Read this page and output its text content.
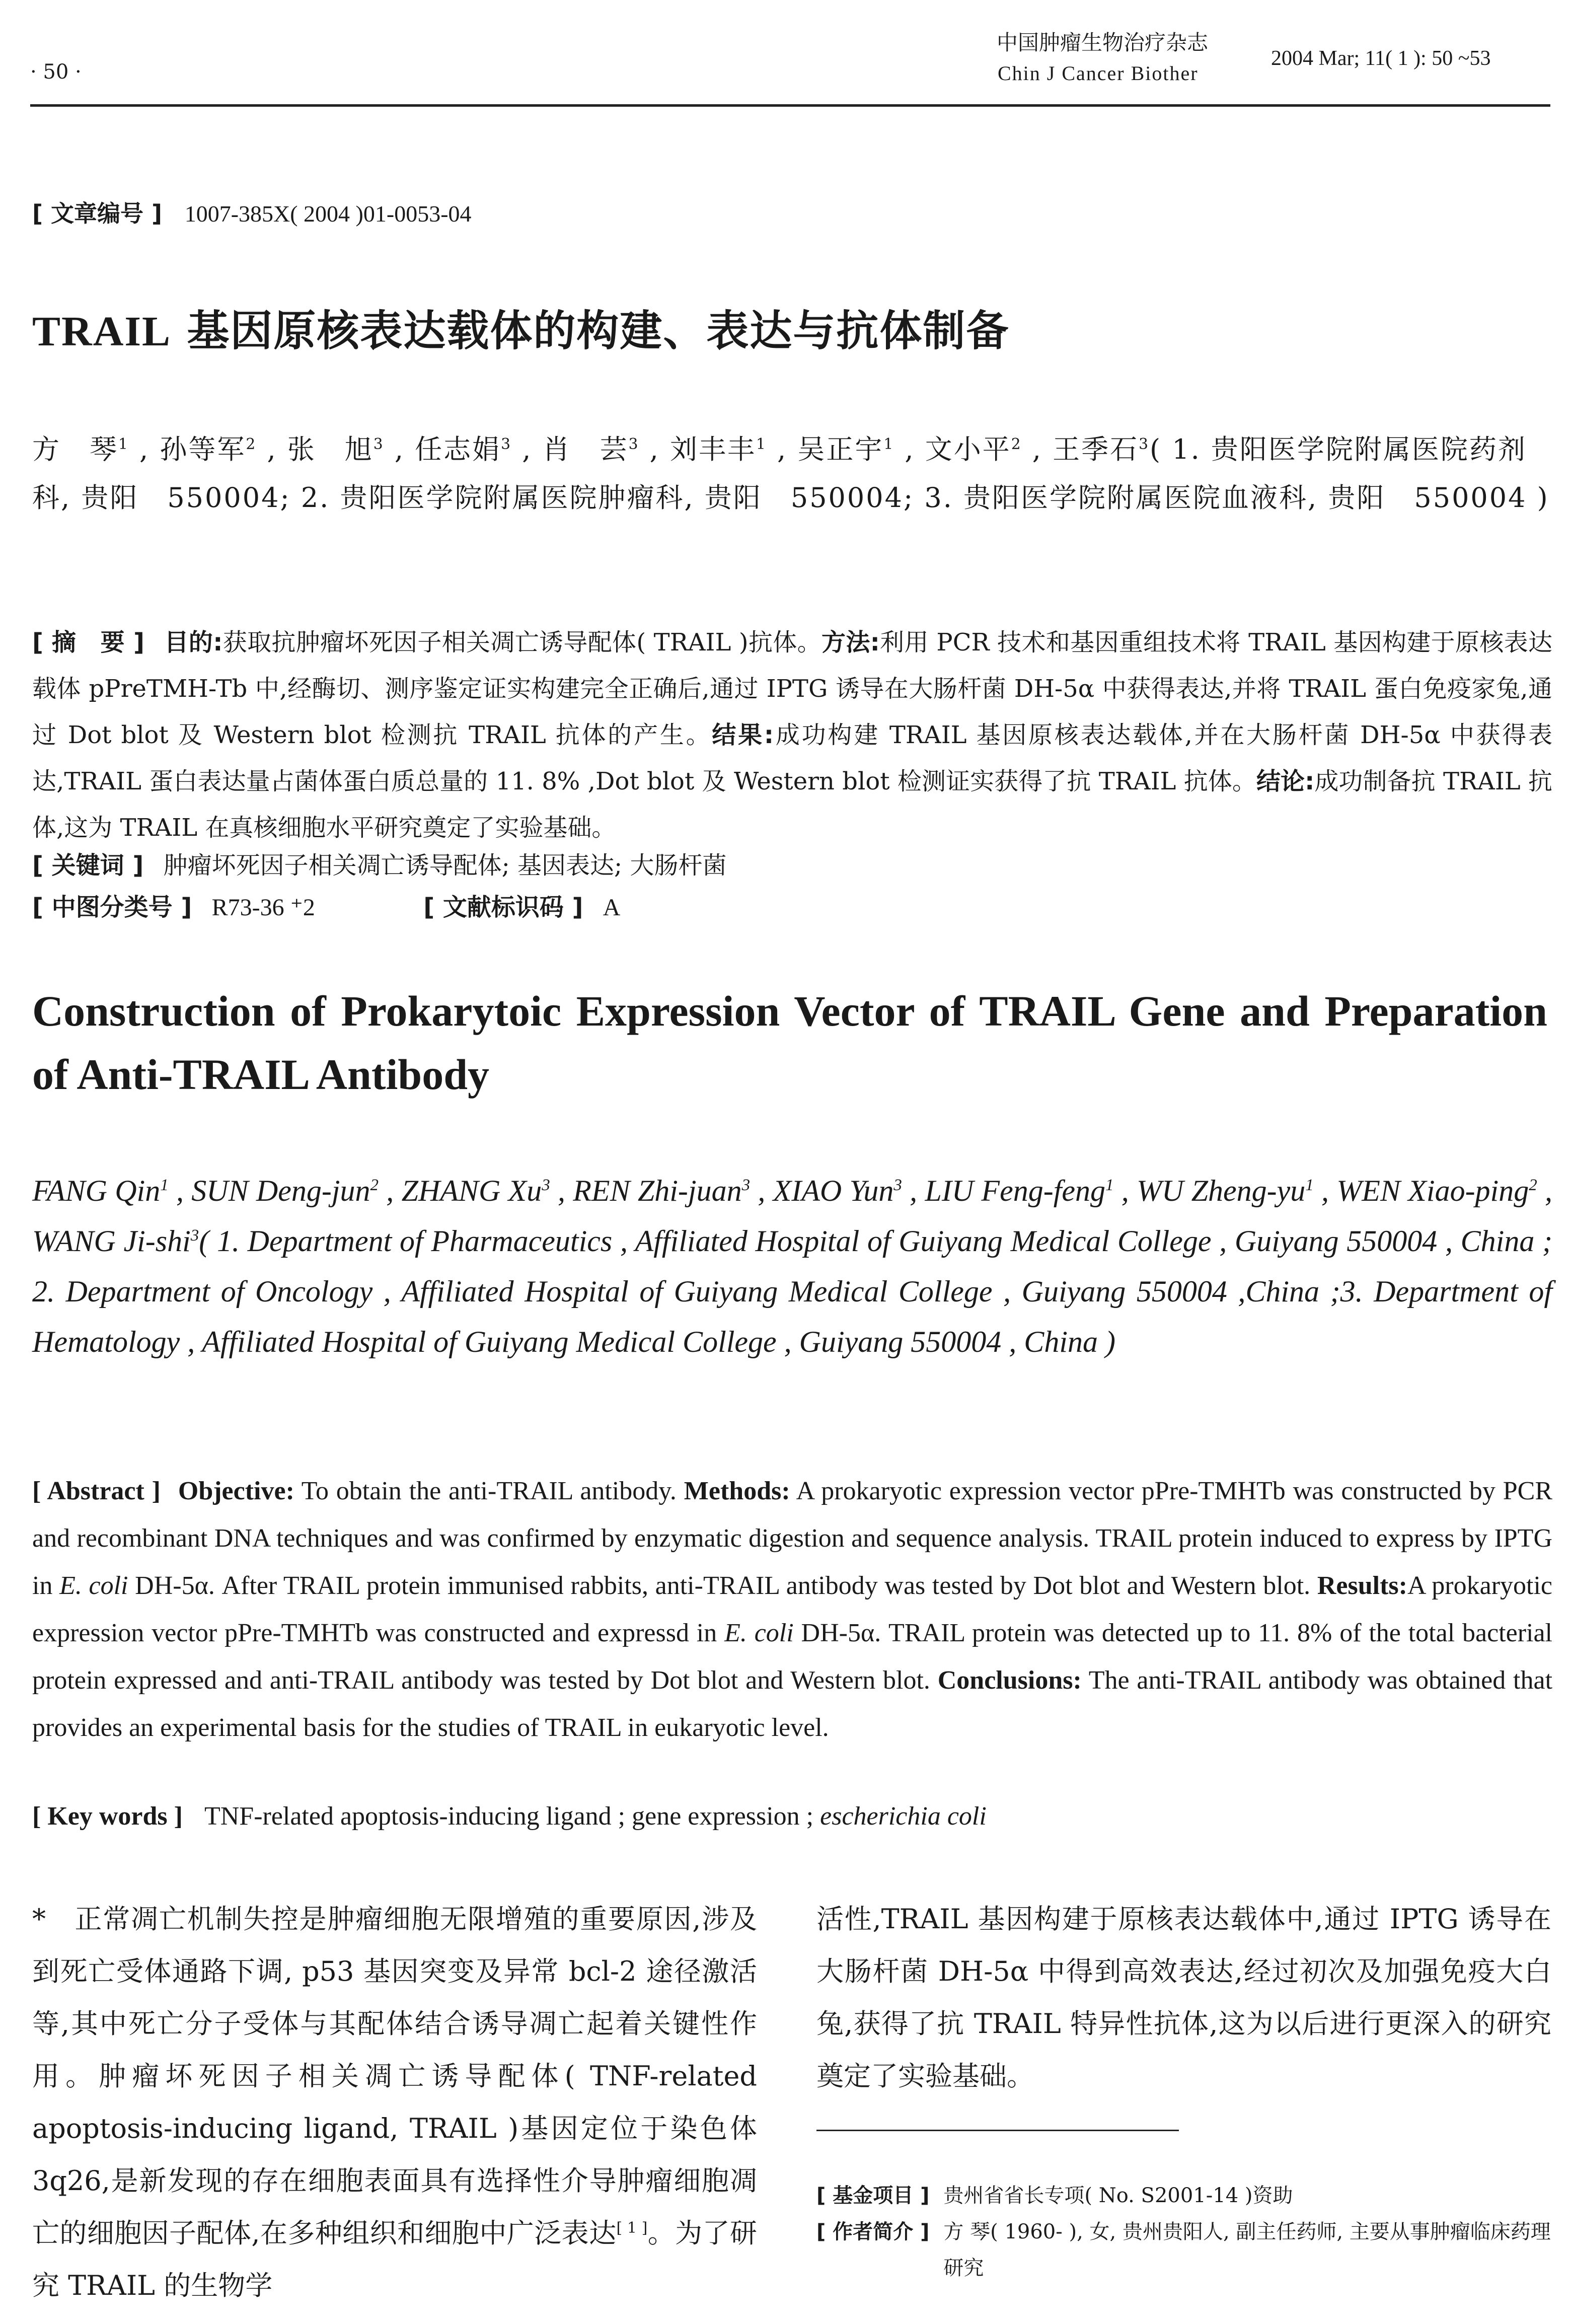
· 50 ·
中国肿瘤生物治疗杂志
Chin J Cancer Biother
2004 Mar; 11( 1 ): 50 ~53
[ 文章编号 ] 1007-385X( 2004 )01-0053-04
TRAIL 基因原核表达载体的构建、表达与抗体制备
方　琴$^1$ , 孙等军$^2$ , 张　旭$^3$ , 任志娟$^3$ , 肖　芸$^3$ , 刘丰丰$^1$ , 吴正宇$^1$ , 文小平$^2$ , 王季石$^3$( 1. 贵阳医学院附属医院药剂科, 贵阳　550004; 2. 贵阳医学院附属医院肿瘤科, 贵阳　550004; 3. 贵阳医学院附属医院血液科, 贵阳　550004 )
[ 摘　要 ] 目的:获取抗肿瘤坏死因子相关凋亡诱导配体( TRAIL )抗体。方法:利用 PCR 技术和基因重组技术将 TRAIL 基因构建于原核表达载体 pPreTMH-Tb 中,经酶切、测序鉴定证实构建完全正确后,通过 IPTG 诱导在大肠杆菌 DH-5α 中获得表达,并将 TRAIL 蛋白免疫家兔,通过 Dot blot 及 Western blot 检测抗 TRAIL 抗体的产生。结果:成功构建 TRAIL 基因原核表达载体,并在大肠杆菌 DH-5α 中获得表达,TRAIL 蛋白表达量占菌体蛋白质总量的 11. 8% ,Dot blot 及 Western blot 检测证实获得了抗 TRAIL 抗体。结论:成功制备抗 TRAIL 抗体,这为 TRAIL 在真核细胞水平研究奠定了实验基础。
[ 关键词 ] 肿瘤坏死因子相关凋亡诱导配体; 基因表达; 大肠杆菌
[ 中图分类号 ] R73-36 ⁺2	[ 文献标识码 ] A
Construction of Prokarytoic Expression Vector of TRAIL Gene and Preparation of Anti-TRAIL Antibody
FANG Qin$^1$ , SUN Deng-jun$^2$ , ZHANG Xu$^3$ , REN Zhi-juan$^3$ , XIAO Yun$^3$ , LIU Feng-feng$^1$ , WU Zheng-$yu^1$ , WEN Xiao-ping$^2$ , WANG Ji-shi$^3$( 1. Department of Pharmaceutics , Affiliated Hospital of Guiyang Medical College , Guiyang 550004 , China ; 2. Department of Oncology , Affiliated Hospital of Guiyang Medical College , Guiyang 550004 ,China ;3. Department of Hematology , Affiliated Hospital of Guiyang Medical College , Guiyang 550004 , China )
[ Abstract ] Objective: To obtain the anti-TRAIL antibody. Methods: A prokaryotic expression vector pPre-TMHTb was constructed by PCR and recombinant DNA techniques and was confirmed by enzymatic digestion and sequence analysis. TRAIL protein induced to express by IPTG in E. coli DH-5α. After TRAIL protein immunised rabbits, anti-TRAIL antibody was tested by Dot blot and Western blot. Results:A prokaryotic expression vector pPre-TMHTb was constructed and expressd in E. coli DH-5α. TRAIL protein was detected up to 11. 8% of the total bacterial protein expressed and anti-TRAIL antibody was tested by Dot blot and Western blot. Conclusions: The anti-TRAIL antibody was obtained that provides an experimental basis for the studies of TRAIL in eukaryotic level.
[ Key words ] TNF-related apoptosis-inducing ligand ; gene expression ; escherichia coli
*　正常凋亡机制失控是肿瘤细胞无限增殖的重要原因,涉及到死亡受体通路下调, p53 基因突变及异常 bcl-2 途径激活等,其中死亡分子受体与其配体结合诱导凋亡起着关键性作用。肿瘤坏死因子相关凋亡诱导配体( TNF-related apoptosis-inducing ligand, TRAIL )基因定位于染色体 3q26,是新发现的存在细胞表面具有选择性介导肿瘤细胞凋亡的细胞因子配体,在多种组织和细胞中广泛表达[ 1 ]。为了研究 TRAIL 的生物学
活性,TRAIL 基因构建于原核表达载体中,通过 IPTG 诱导在大肠杆菌 DH-5α 中得到高效表达,经过初次及加强免疫大白兔,获得了抗 TRAIL 特异性抗体,这为以后进行更深入的研究奠定了实验基础。
[ 基金项目 ] 贵州省省长专项( No. S2001-14 )资助
[ 作者简介 ] 方 琴( 1960- ), 女, 贵州贵阳人, 副主任药师, 主要从事肿瘤临床药理研究
